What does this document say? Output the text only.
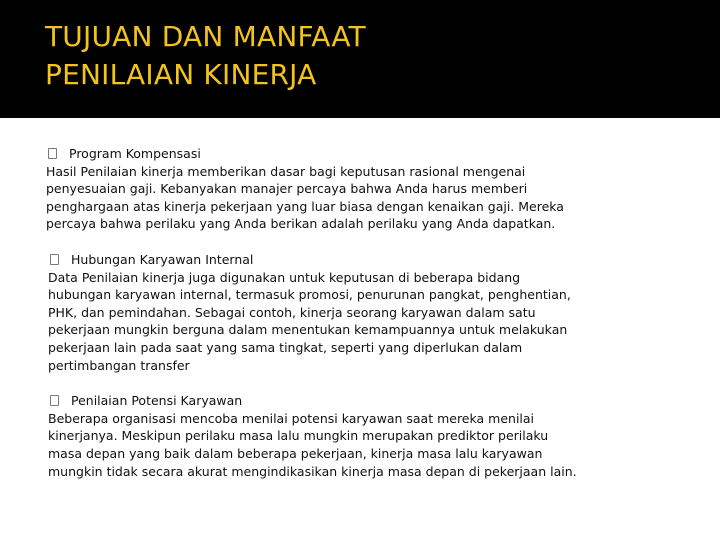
TUJUAN DAN MANFAAT
PENILAIAN KINERJA
Program Kompensasi
Hasil Penilaian kinerja memberikan dasar bagi keputusan rasional mengenai
penyesuaian gaji. Kebanyakan manajer percaya bahwa Anda harus memberi
penghargaan atas kinerja pekerjaan yang luar biasa dengan kenaikan gaji. Mereka
percaya bahwa perilaku yang Anda berikan adalah perilaku yang Anda dapatkan.
Hubungan Karyawan Internal
Data Penilaian kinerja juga digunakan untuk keputusan di beberapa bidang
hubungan karyawan internal, termasuk promosi, penurunan pangkat, penghentian,
PHK, dan pemindahan. Sebagai contoh, kinerja seorang karyawan dalam satu
pekerjaan mungkin berguna dalam menentukan kemampuannya untuk melakukan
pekerjaan lain pada saat yang sama tingkat, seperti yang diperlukan dalam
pertimbangan transfer
Penilaian Potensi Karyawan
Beberapa organisasi mencoba menilai potensi karyawan saat mereka menilai
kinerjanya. Meskipun perilaku masa lalu mungkin merupakan prediktor perilaku
masa depan yang baik dalam beberapa pekerjaan, kinerja masa lalu karyawan
mungkin tidak secara akurat mengindikasikan kinerja masa depan di pekerjaan lain.
